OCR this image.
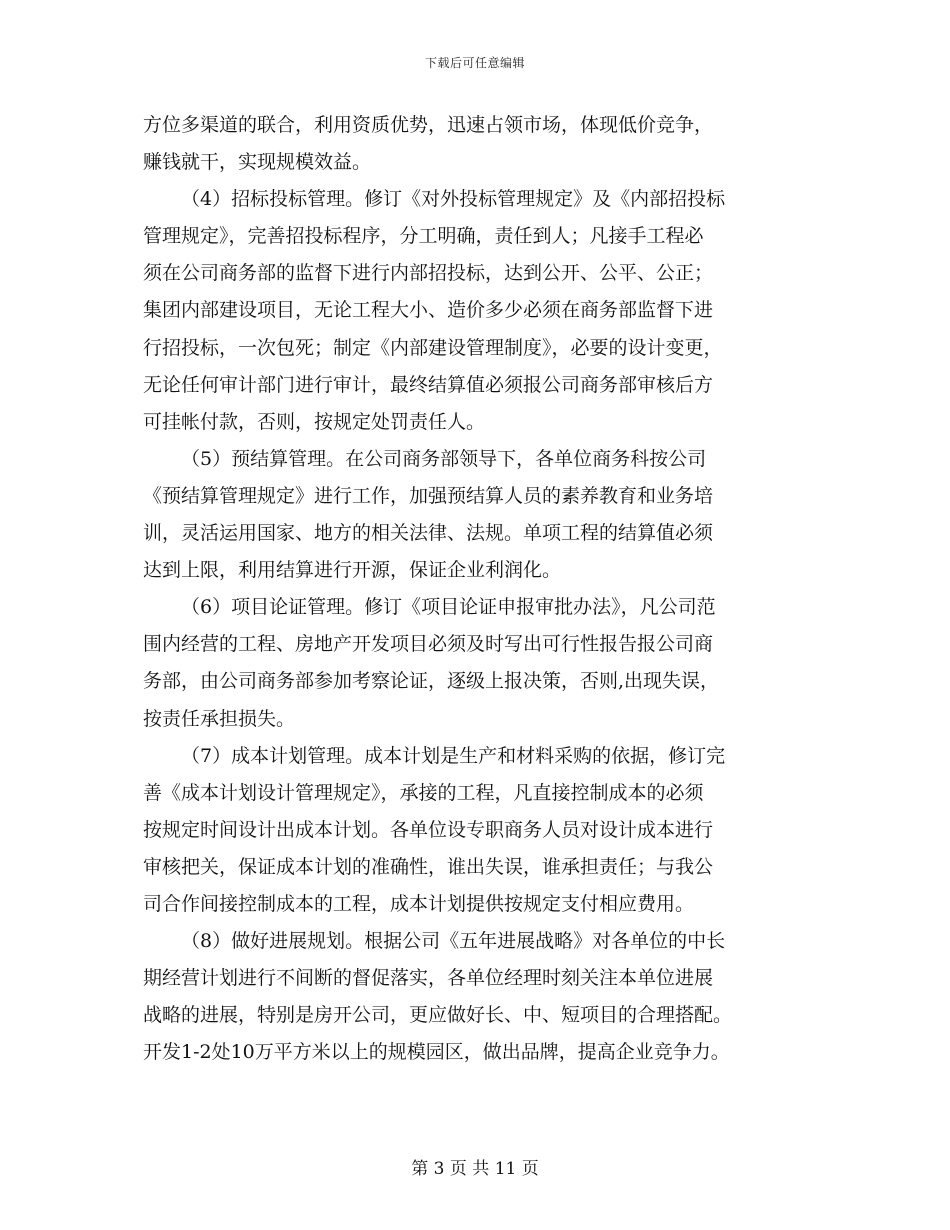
下载后可任意编辑
方位多渠道的联合，利用资质优势，迅速占领市场，体现低价竞争，
赚钱就干，实现规模效益。
（4）招标投标管理。修订《对外投标管理规定》及《内部招投标
管理规定》，完善招投标程序，分工明确，责任到人；凡接手工程必
须在公司商务部的监督下进行内部招投标，达到公开、公平、公正；
集团内部建设项目，无论工程大小、造价多少必须在商务部监督下进
行招投标，一次包死；制定《内部建设管理制度》，必要的设计变更，
无论任何审计部门进行审计，最终结算值必须报公司商务部审核后方
可挂帐付款，否则，按规定处罚责任人。
（5）预结算管理。在公司商务部领导下，各单位商务科按公司
《预结算管理规定》进行工作，加强预结算人员的素养教育和业务培
训，灵活运用国家、地方的相关法律、法规。单项工程的结算值必须
达到上限，利用结算进行开源，保证企业利润化。
（6）项目论证管理。修订《项目论证申报审批办法》，凡公司范
围内经营的工程、房地产开发项目必须及时写出可行性报告报公司商
务部，由公司商务部参加考察论证，逐级上报决策，否则,出现失误，
按责任承担损失。
（7）成本计划管理。成本计划是生产和材料采购的依据，修订完
善《成本计划设计管理规定》，承接的工程，凡直接控制成本的必须
按规定时间设计出成本计划。各单位设专职商务人员对设计成本进行
审核把关，保证成本计划的准确性，谁出失误，谁承担责任；与我公
司合作间接控制成本的工程，成本计划提供按规定支付相应费用。
（8）做好进展规划。根据公司《五年进展战略》对各单位的中长
期经营计划进行不间断的督促落实，各单位经理时刻关注本单位进展
战略的进展，特别是房开公司，更应做好长、中、短项目的合理搭配。
开发1-2处10万平方米以上的规模园区，做出品牌，提高企业竞争力。
第 3 页 共 11 页
